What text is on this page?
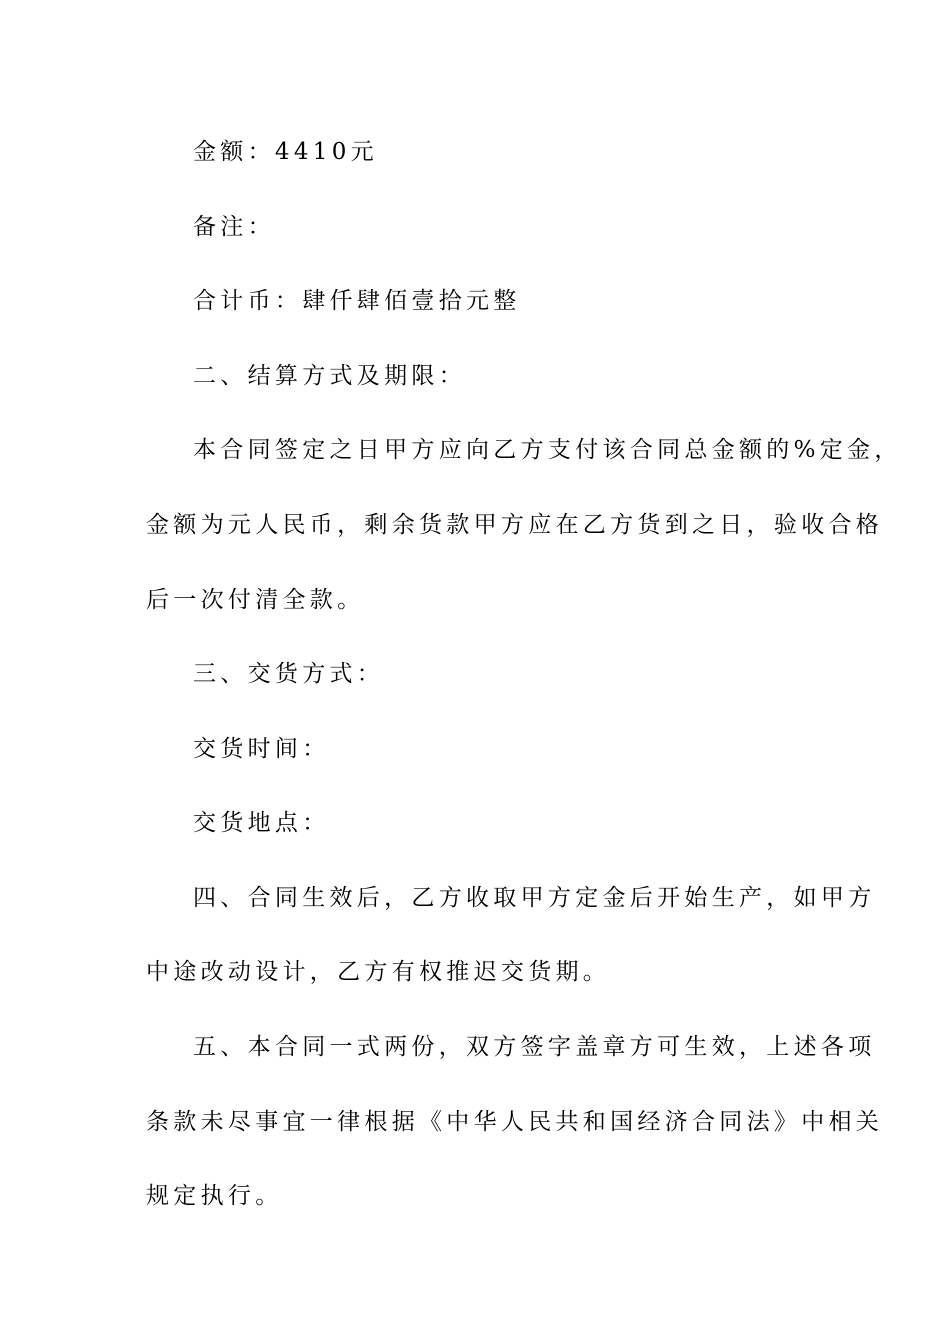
金额：4410元
备注：
合计币：肆仟肆佰壹拾元整
二、结算方式及期限：
本合同签定之日甲方应向乙方支付该合同总金额的%定金，
金额为元人民币，剩余货款甲方应在乙方货到之日，验收合格
后一次付清全款。
三、交货方式：
交货时间：
交货地点：
四、合同生效后，乙方收取甲方定金后开始生产，如甲方
中途改动设计，乙方有权推迟交货期。
五、本合同一式两份，双方签字盖章方可生效，上述各项
条款未尽事宜一律根据《中华人民共和国经济合同法》中相关
规定执行。
